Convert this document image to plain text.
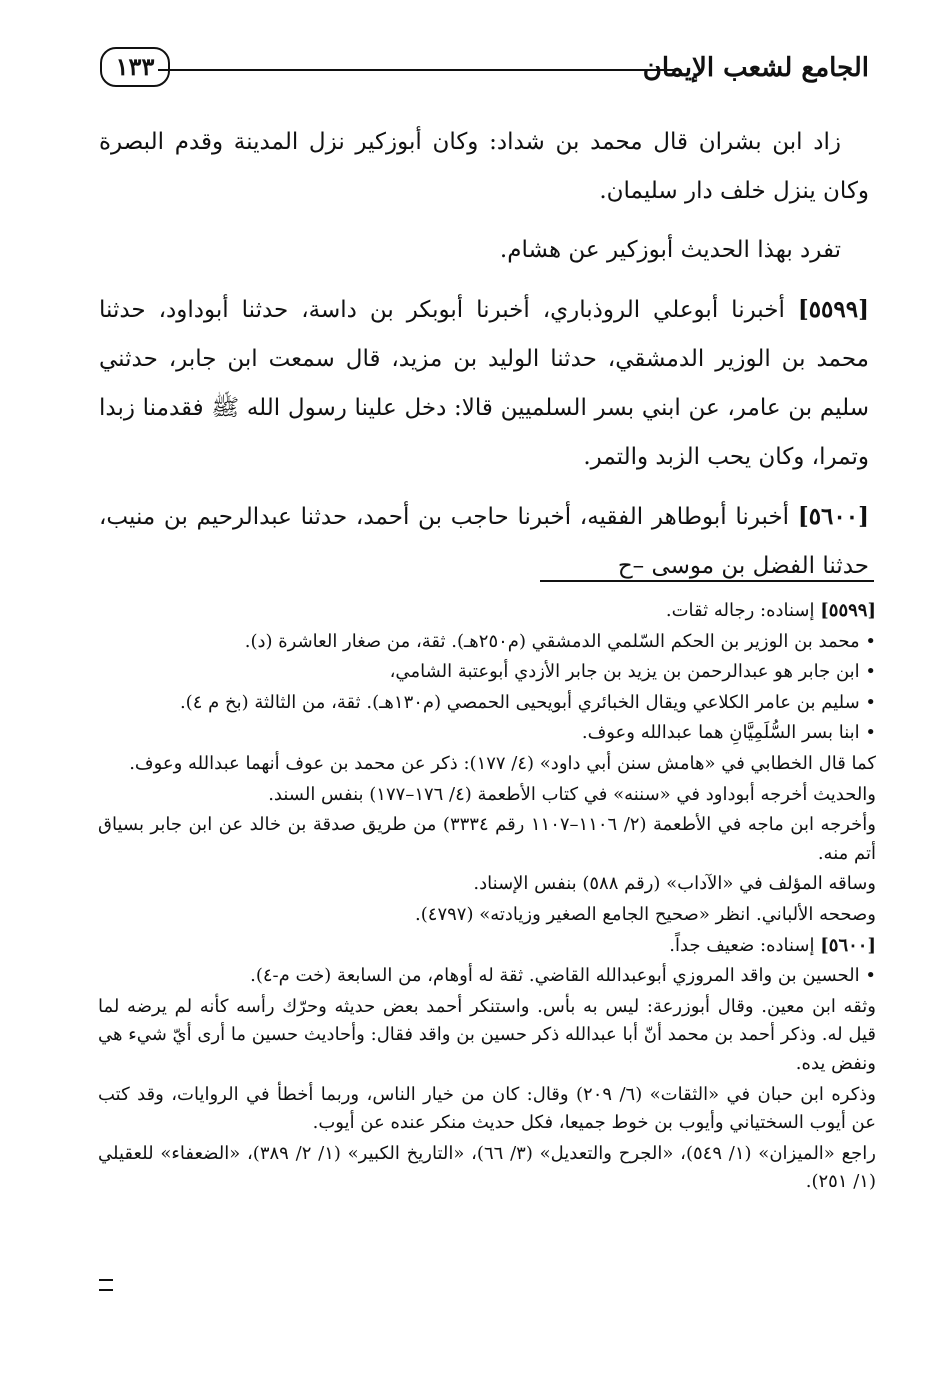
الجامع لشعب الإيمان
١٣٣

زاد ابن بشران قال محمد بن شداد: وكان أبوزكير نزل المدينة وقدم البصرة وكان ينزل خلف دار سليمان.

تفرد بهذا الحديث أبوزكير عن هشام.

[٥٥٩٩] أخبرنا أبوعلي الروذباري، أخبرنا أبوبكر بن داسة، حدثنا أبوداود، حدثنا محمد بن الوزير الدمشقي، حدثنا الوليد بن مزيد، قال سمعت ابن جابر، حدثني سليم بن عامر، عن ابني بسر السلميين قالا: دخل علينا رسول الله ﷺ فقدمنا زبدا وتمرا، وكان يحب الزبد والتمر.

[٥٦٠٠] أخبرنا أبوطاهر الفقيه، أخبرنا حاجب بن أحمد، حدثنا عبدالرحيم بن منيب، حدثنا الفضل بن موسى –ح

[٥٥٩٩] إسناده: رجاله ثقات.

• محمد بن الوزير بن الحكم السّلمي الدمشقي (م٢٥٠هـ). ثقة، من صغار العاشرة (د).

• ابن جابر هو عبدالرحمن بن يزيد بن جابر الأزدي أبوعتبة الشامي،

• سليم بن عامر الكلاعي ويقال الخبائري أبويحيى الحمصي (م١٣٠هـ). ثقة، من الثالثة (بخ م ٤).

• ابنا بسر السُّلَمِيَّانِ هما عبدالله وعوف.

كما قال الخطابي في «هامش سنن أبي داود» (٤/ ١٧٧): ذكر عن محمد بن عوف أنهما عبدالله وعوف.

والحديث أخرجه أبوداود في «سننه» في كتاب الأطعمة (٤/ ١٧٦–١٧٧) بنفس السند.

وأخرجه ابن ماجه في الأطعمة (٢/ ١١٠٦–١١٠٧ رقم ٣٣٣٤) من طريق صدقة بن خالد عن ابن جابر بسياق أتم منه.

وساقه المؤلف في «الآداب» (رقم ٥٨٨) بنفس الإسناد.

وصححه الألباني. انظر «صحيح الجامع الصغير وزيادته» (٤٧٩٧).

[٥٦٠٠] إسناده: ضعيف جداً.

• الحسين بن واقد المروزي أبوعبدالله القاضي. ثقة له أوهام، من السابعة (خت م-٤).

وثقه ابن معين. وقال أبوزرعة: ليس به بأس. واستنكر أحمد بعض حديثه وحرّك رأسه كأنه لم يرضه لما قيل له. وذكر أحمد بن محمد أنّ أبا عبدالله ذكر حسين بن واقد فقال: وأحاديث حسين ما أرى أيّ شيء هي ونفض يده.

وذكره ابن حبان في «الثقات» (٦/ ٢٠٩) وقال: كان من خيار الناس، وربما أخطأ في الروايات، وقد كتب عن أيوب السختياني وأيوب بن خوط جميعا، فكل حديث منكر عنده عن أيوب.

راجع «الميزان» (١/ ٥٤٩)، «الجرح والتعديل» (٣/ ٦٦)، «التاريخ الكبير» (١/ ٢/ ٣٨٩)، «الضعفاء» للعقيلي (١/ ٢٥١).
